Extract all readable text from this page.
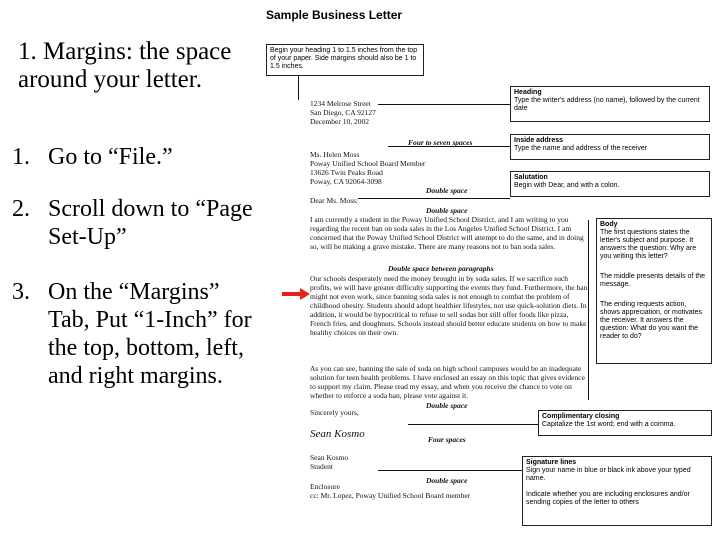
1. Margins: the space around your letter.
1. Go to “File.”
2. Scroll down to “Page Set-Up”
3. On the “Margins” Tab, Put “1-Inch” for the top, bottom, left, and right margins.
Sample Business Letter
Begin your heading 1 to 1.5 inches from the top of your paper. Side margins should also be 1 to 1.5 inches.
Heading
Type the writer's address (no name), followed by the current date
Inside address
Type the name and address of the receiver
Salutation
Begin with Dear, and with a colon.
Body
The first questions states the letter's subject and purpose. It answers the question: Why are you writing this letter?
The middle presents details of the message.
The ending requests action, shows appreciation, or motivates the receiver. It answers the question: What do you want the reader to do?
Complimentary closing
Capitalize the 1st word; end with a comma.
Signature lines
Sign your name in blue or black ink above your typed name.
Indicate whether you are including enclosures and/or sending copies of the letter to others
1234 Melrose Street
San Diego, CA 92127
December 10, 2002
Four to seven spaces
Ms. Helen Moss
Poway Unified School Board Member
13626 Twin Peaks Road
Poway, CA 92064-3098
Double space
Dear Ms. Moss:
Double space
I am currently a student in the Poway Unified School District, and I am writing to you regarding the recent ban on soda sales in the Los Angeles Unified School District. I am concerned that the Poway Unified School District will attempt to do the same, and in doing so, will be making a grave mistake. There are many reasons not to ban soda sales.
Double space between paragraphs
Our schools desperately need the money brought in by soda sales. If we sacrifice such profits, we will have greater difficulty supporting the events they fund. Furthermore, the ban might not even work, since banning soda sales is not enough to combat the problem of childhood obesity. Students should adopt healthier lifestyles, not use quick-solution diets. In addition, it would be hypocritical to refuse to sell sodas but still offer foods like pizza, French fries, and doughnuts. Schools instead should better educate students on how to make healthy choices on their own.
As you can see, banning the sale of soda on high school campuses would be an inadequate solution for teen health problems. I have enclosed an essay on this topic that gives evidence to support my claim. Please read my essay, and when you receive the chance to vote on whether to enforce a soda ban, please vote against it.
Double space
Sincerely yours,
Sean Kosmo	Four spaces
Sean Kosmo
Student
Double space
Enclosure
cc: Mr. Lopez, Poway Unified School Board member
